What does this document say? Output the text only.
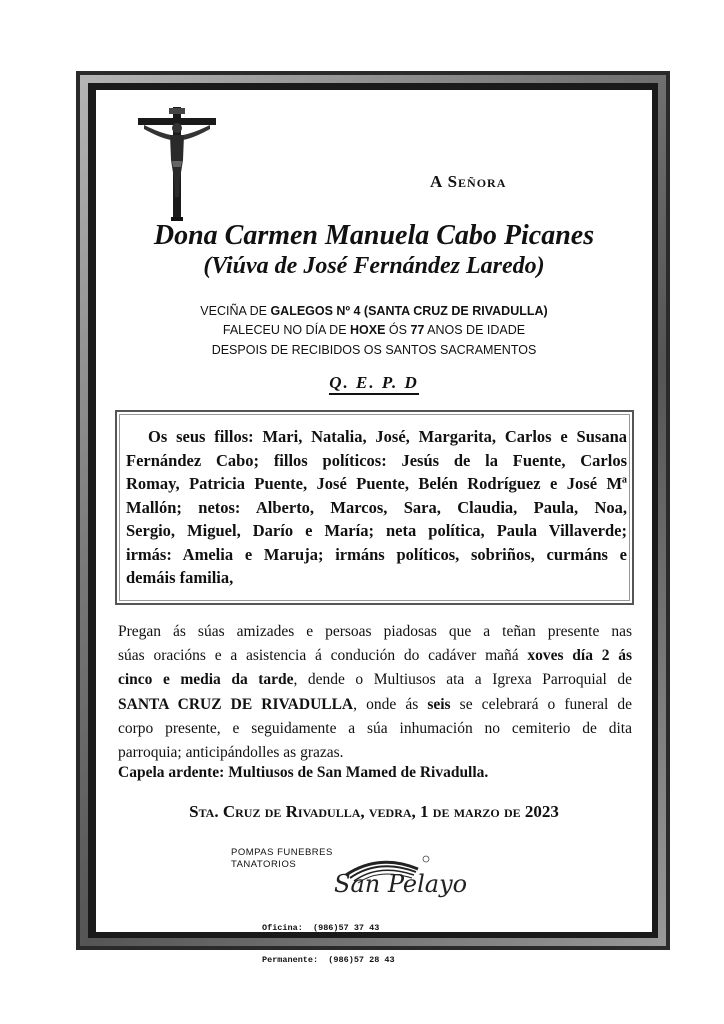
A Señora
Dona Carmen Manuela Cabo Picanes
(Viúva de José Fernández Laredo)
VECIÑA DE GALEGOS Nº 4 (SANTA CRUZ DE RIVADULLA)
FALECEU NO DÍA DE HOXE ÓS 77 ANOS DE IDADE
DESPOIS DE RECIBIDOS OS SANTOS SACRAMENTOS
Q. E. P. D
Os seus fillos: Mari, Natalia, José, Margarita, Carlos e Susana
Fernández Cabo; fillos políticos: Jesús de la Fuente, Carlos
Romay, Patricia Puente, José Puente, Belén Rodríguez e José Mª
Mallón; netos: Alberto, Marcos, Sara, Claudia, Paula, Noa,
Sergio, Miguel, Darío e María; neta política, Paula Villaverde;
irmás: Amelia e Maruja; irmáns políticos, sobriños, curmáns e
demáis familia,
Pregan ás súas amizades e persoas piadosas que a teñan presente nas
súas oracións e a asistencia á condución do cadáver mañá xoves día 2 ás
cinco e media da tarde, dende o Multiusos ata a Igrexa Parroquial de
SANTA CRUZ DE RIVADULLA, onde ás seis se celebrará o funeral de
corpo presente, e seguidamente a súa inhumación no cemiterio de dita
parroquia; anticipándolles as grazas.
Capela ardente: Multiusos de San Mamed de Rivadulla.
Sta. Cruz de Rivadulla, vedra, 1 de marzo de 2023
POMPAS FUNEBRES
TANATORIOS
San Pelayo

Oficina:  (986)57 37 43

Permanente:  (986)57 28 43
